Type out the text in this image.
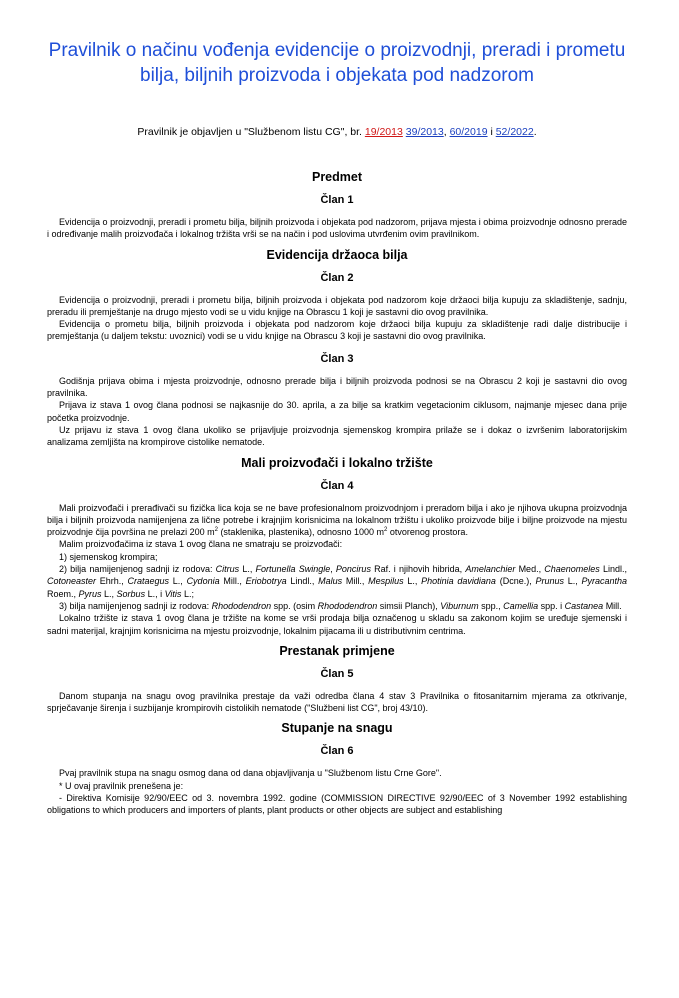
Pravilnik o načinu vođenja evidencije o proizvodnji, preradi i prometu bilja, biljnih proizvoda i objekata pod nadzorom
Pravilnik je objavljen u "Službenom listu CG", br. 19/2013 39/2013, 60/2019 i 52/2022.
Predmet
Član 1

Evidencija o proizvodnji, preradi i prometu bilja, biljnih proizvoda i objekata pod nadzorom, prijava mjesta i obima proizvodnje odnosno prerade i određivanje malih proizvođača i lokalnog tržišta vrši se na način i pod uslovima utvrđenim ovim pravilnikom.

Evidencija držaoca bilja
Član 2

Evidencija o proizvodnji, preradi i prometu bilja, biljnih proizvoda i objekata pod nadzorom koje držaoci bilja kupuju za skladištenje, sadnju, preradu ili premještanje na drugo mjesto vodi se u vidu knjige na Obrascu 1 koji je sastavni dio ovog pravilnika.

Evidencija o prometu bilja, biljnih proizvoda i objekata pod nadzorom koje držaoci bilja kupuju za skladištenje radi dalje distribucije i premještanja (u daljem tekstu: uvoznici) vodi se u vidu knjige na Obrascu 3 koji je sastavni dio ovog pravilnika.

Član 3

Godišnja prijava obima i mjesta proizvodnje, odnosno prerade bilja i biljnih proizvoda podnosi se na Obrascu 2 koji je sastavni dio ovog pravilnika.

Prijava iz stava 1 ovog člana podnosi se najkasnije do 30. aprila, a za bilje sa kratkim vegetacionim ciklusom, najmanje mjesec dana prije početka proizvodnje.

Uz prijavu iz stava 1 ovog člana ukoliko se prijavljuje proizvodnja sjemenskog krompira prilaže se i dokaz o izvršenim laboratorijskim analizama zemljišta na krompirove cistolike nematode.

Mali proizvođači i lokalno tržište
Član 4

Mali proizvođači i prerađivači su fizička lica koja se ne bave profesionalnom proizvodnjom i preradom bilja i ako je njihova ukupna proizvodnja bilja i biljnih proizvoda namijenjena za lične potrebe i krajnjim korisnicima na lokalnom tržištu i ukoliko proizvode bilje i biljne proizvode na mjestu proizvodnje čija površina ne prelazi 200 $m^2$ (staklenika, plastenika), odnosno 1000 $m^2$ otvorenog prostora.

Malim proizvođačima iz stava 1 ovog člana ne smatraju se proizvođači:

1) sjemenskog krompira;

2) bilja namijenjenog sadnji iz rodova: Citrus L., Fortunella Swingle, Poncirus Raf. i njihovih hibrida, Amelanchier Med., Chaenomeles Lindl., Cotoneaster Ehrh., Crataegus L., Cydonia Mill., Eriobotrya Lindl., Malus Mill., Mespilus L., Photinia davidiana (Dcne.), Prunus L., Pyracantha Roem., Pyrus L., Sorbus L., i Vitis L.;

3) bilja namijenjenog sadnji iz rodova: Rhododendron spp. (osim Rhododendron simsii Planch), Viburnum spp., Camellia spp. i Castanea Mill.

Lokalno tržište iz stava 1 ovog člana je tržište na kome se vrši prodaja bilja označenog u skladu sa zakonom kojim se uređuje sjemenski i sadni materijal, krajnjim korisnicima na mjestu proizvodnje, lokalnim pijacama ili u distributivnim centrima.

Prestanak primjene
Član 5

Danom stupanja na snagu ovog pravilnika prestaje da važi odredba člana 4 stav 3 Pravilnika o fitosanitarnim mjerama za otkrivanje, sprječavanje širenja i suzbijanje krompirovih cistolikih nematode ("Službeni list CG", broj 43/10).

Stupanje na snagu
Član 6

Pvaj pravilnik stupa na snagu osmog dana od dana objavljivanja u "Službenom listu Crne Gore".

* U ovaj pravilnik prenešena je:

- Direktiva Komisije 92/90/EEC od 3. novembra 1992. godine (COMMISSION DIRECTIVE 92/90/EEC of 3 November 1992 establishing obligations to which producers and importers of plants, plant products or other objects are subject and establishing
